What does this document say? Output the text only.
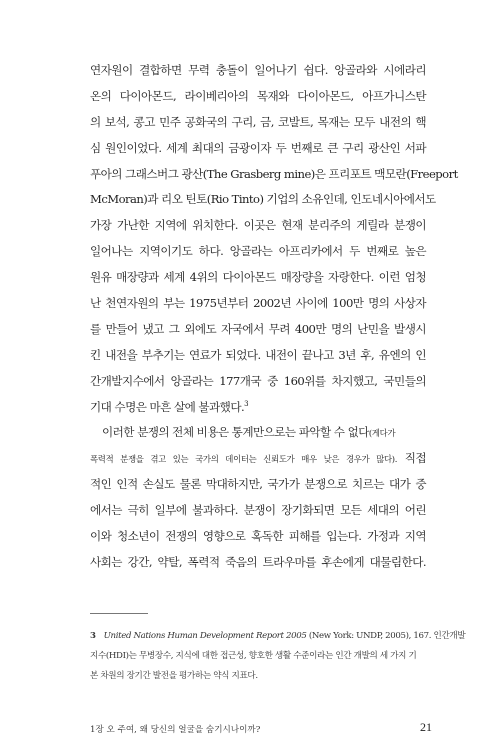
연자원이 결합하면 무력 충돌이 일어나기 쉽다. 앙골라와 시에라리
온의 다이아몬드, 라이베리아의 목재와 다이아몬드, 아프가니스탄
의 보석, 콩고 민주 공화국의 구리, 금, 코발트, 목재는 모두 내전의 핵
심 원인이었다. 세계 최대의 금광이자 두 번째로 큰 구리 광산인 서파
푸아의 그래스버그 광산(The Grasberg mine)은 프리포트 맥모란(Freeport
McMoran)과 리오 틴토(Rio Tinto) 기업의 소유인데, 인도네시아에서도
가장 가난한 지역에 위치한다. 이곳은 현재 분리주의 게릴라 분쟁이
일어나는 지역이기도 하다. 앙골라는 아프리카에서 두 번째로 높은
원유 매장량과 세계 4위의 다이아몬드 매장량을 자랑한다. 이런 엄청
난 천연자원의 부는 1975년부터 2002년 사이에 100만 명의 사상자
를 만들어 냈고 그 외에도 자국에서 무려 400만 명의 난민을 발생시
킨 내전을 부추기는 연료가 되었다. 내전이 끝나고 3년 후, 유엔의 인
간개발지수에서 앙골라는 177개국 중 160위를 차지했고, 국민들의
기대 수명은 마흔 살에 불과했다.$^3$
이러한 분쟁의 전체 비용은 통계만으로는 파악할 수 없다(게다가
폭력적 분쟁을 겪고 있는 국가의 데이터는 신뢰도가 매우 낮은 경우가 많다). 직접
적인 인적 손실도 물론 막대하지만, 국가가 분쟁으로 치르는 대가 중
에서는 극히 일부에 불과하다. 분쟁이 장기화되면 모든 세대의 어린
이와 청소년이 전쟁의 영향으로 혹독한 피해를 입는다. 가정과 지역
사회는 강간, 약탈, 폭력적 죽음의 트라우마를 후손에게 대물림한다.
3 United Nations Human Development Report 2005 (New York: UNDP, 2005), 167. 인간개발
지수(HDI)는 무병장수, 지식에 대한 접근성, 향호한 생활 수준이라는 인간 개발의 세 가지 기
본 차원의 장기간 발전을 평가하는 약식 지표다.
1장 오 주여, 왜 당신의 얼굴을 숨기시나이까?	21
